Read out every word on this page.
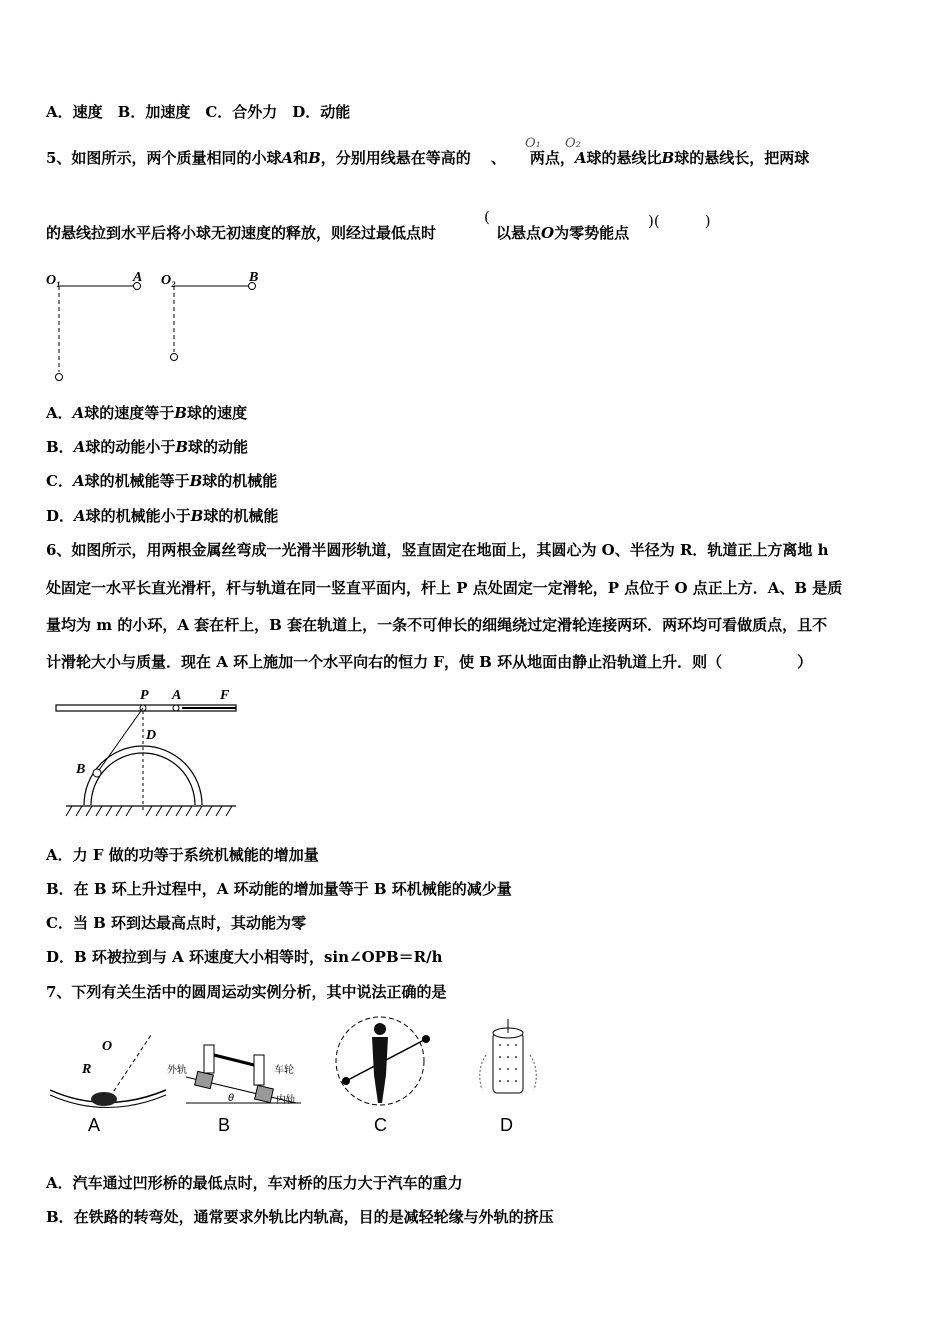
A．速度　B．加速度　C．合外力　D．动能
5、如图所示，两个质量相同的小球A和B，分别用线悬在等高的 、 两点，A球的悬线比B球的悬线长，把两球
O₁ O₂
的悬线拉到水平后将小球无初速度的释放，则经过最低点时
(
以悬点O为零势能点
)(　　　)
O₁	A O₂	B
A．A球的速度等于B球的速度
B．A球的动能小于B球的动能
C．A球的机械能等于B球的机械能
D．A球的机械能小于B球的机械能
6、如图所示，用两根金属丝弯成一光滑半圆形轨道，竖直固定在地面上，其圆心为 O、半径为 R．轨道正上方离地 h
处固定一水平长直光滑杆，杆与轨道在同一竖直平面内，杆上 P 点处固定一定滑轮，P 点位于 O 点正上方．A、B 是质
量均为 m 的小环，A 套在杆上，B 套在轨道上，一条不可伸长的细绳绕过定滑轮连接两环．两环均可看做质点，且不
计滑轮大小与质量．现在 A 环上施加一个水平向右的恒力 F，使 B 环从地面由静止沿轨道上升．则（　　　　　）
P A	F
B
D
A．力 F 做的功等于系统机械能的增加量
B．在 B 环上升过程中，A 环动能的增加量等于 B 环机械能的减少量
C．当 B 环到达最高点时，其动能为零
D．B 环被拉到与 A 环速度大小相等时，sin∠OPB＝R/h
7、下列有关生活中的圆周运动实例分析，其中说法正确的是
O
R	外轨	车轮
内轨
θ
A	B	C	D
A．汽车通过凹形桥的最低点时，车对桥的压力大于汽车的重力
B．在铁路的转弯处，通常要求外轨比内轨高，目的是减轻轮缘与外轨的挤压
